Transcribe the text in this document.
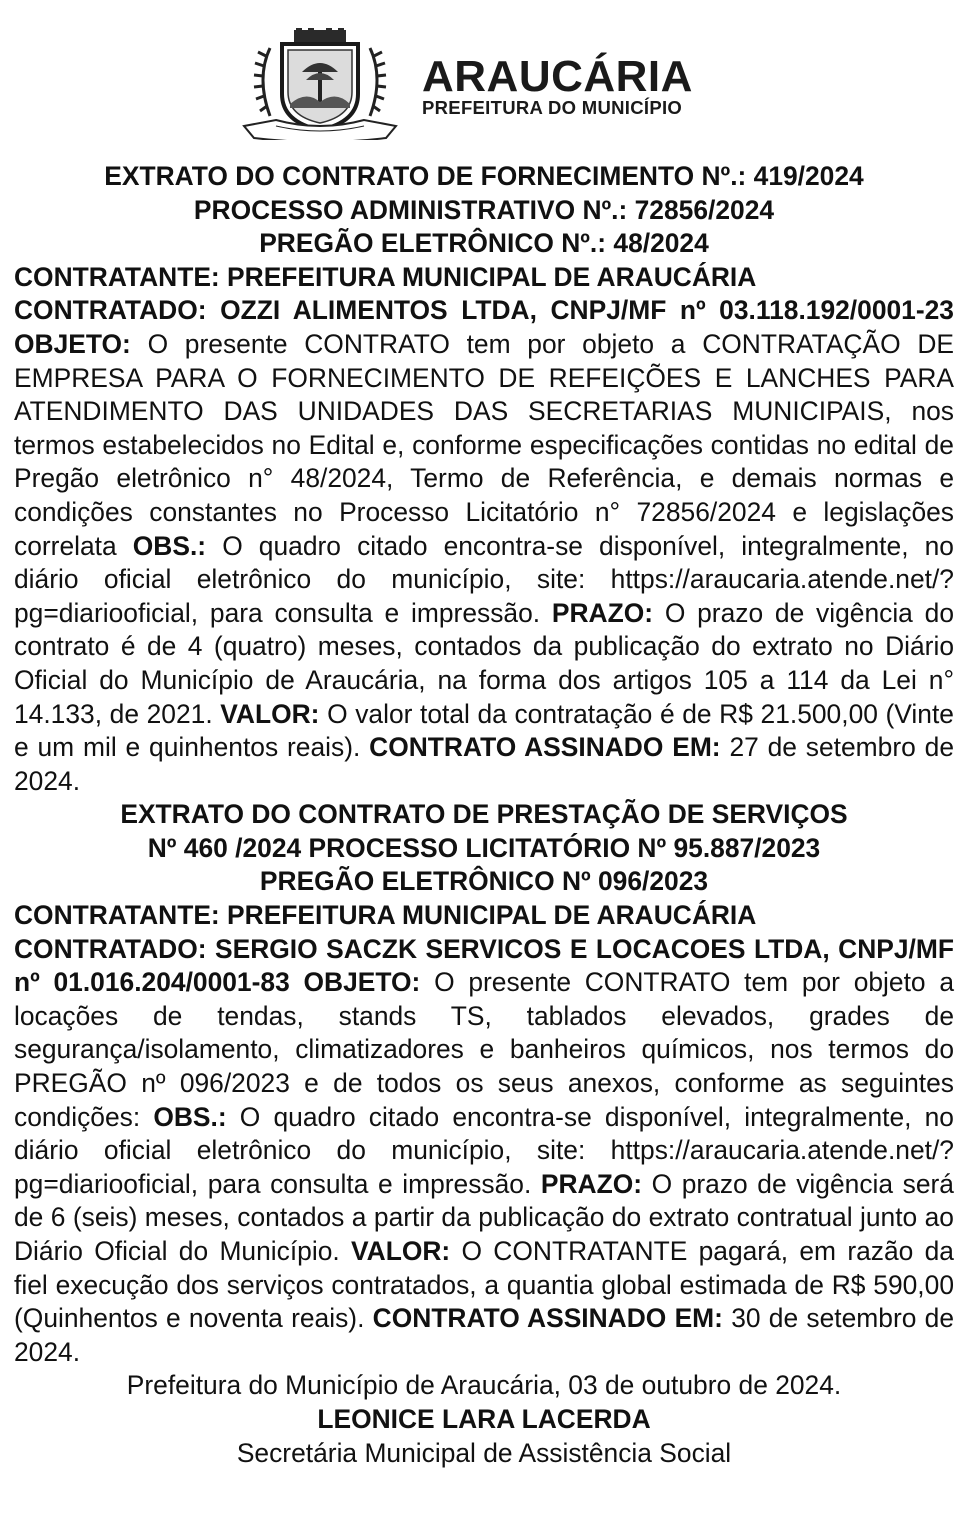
ARAUCÁRIA
PREFEITURA DO MUNICÍPIO

EXTRATO DO CONTRATO DE FORNECIMENTO Nº.: 419/2024

PROCESSO ADMINISTRATIVO Nº.: 72856/2024

PREGÃO ELETRÔNICO Nº.: 48/2024

CONTRATANTE: PREFEITURA MUNICIPAL DE ARAUCÁRIA

CONTRATADO: OZZI ALIMENTOS LTDA, CNPJ/MF nº 03.118.192/0001-23 OBJETO: O presente CONTRATO tem por objeto a CONTRATAÇÃO DE EMPRESA PARA O FORNECIMENTO DE REFEIÇÕES E LANCHES PARA ATENDIMENTO DAS UNIDADES DAS SECRETARIAS MUNICIPAIS, nos termos estabelecidos no Edital e, conforme especificações contidas no edital de Pregão eletrônico n° 48/2024, Termo de Referência, e demais normas e condições constantes no Processo Licitatório n° 72856/2024 e legislações correlata OBS.: O quadro citado encontra-se disponível, integralmente, no diário oficial eletrônico do município, site: https://araucaria.atende.net/?pg=diariooficial, para consulta e impressão. PRAZO: O prazo de vigência do contrato é de 4 (quatro) meses, contados da publicação do extrato no Diário Oficial do Município de Araucária, na forma dos artigos 105 a 114 da Lei n° 14.133, de 2021. VALOR: O valor total da contratação é de R$ 21.500,00 (Vinte e um mil e quinhentos reais). CONTRATO ASSINADO EM: 27 de setembro de 2024.

EXTRATO DO CONTRATO DE PRESTAÇÃO DE SERVIÇOS

Nº 460 /2024 PROCESSO LICITATÓRIO Nº 95.887/2023

PREGÃO ELETRÔNICO Nº 096/2023

CONTRATANTE: PREFEITURA MUNICIPAL DE ARAUCÁRIA

CONTRATADO: SERGIO SACZK SERVICOS E LOCACOES LTDA, CNPJ/MF nº 01.016.204/0001-83 OBJETO: O presente CONTRATO tem por objeto a locações de tendas, stands TS, tablados elevados, grades de segurança/isolamento, climatizadores e banheiros químicos, nos termos do PREGÃO nº 096/2023 e de todos os seus anexos, conforme as seguintes condições: OBS.: O quadro citado encontra-se disponível, integralmente, no diário oficial eletrônico do município, site: https://araucaria.atende.net/?pg=diariooficial, para consulta e impressão. PRAZO: O prazo de vigência será de 6 (seis) meses, contados a partir da publicação do extrato contratual junto ao Diário Oficial do Município. VALOR: O CONTRATANTE pagará, em razão da fiel execução dos serviços contratados, a quantia global estimada de R$ 590,00 (Quinhentos e noventa reais). CONTRATO ASSINADO EM: 30 de setembro de 2024.

Prefeitura do Município de Araucária, 03 de outubro de 2024.

LEONICE LARA LACERDA

Secretária Municipal de Assistência Social
